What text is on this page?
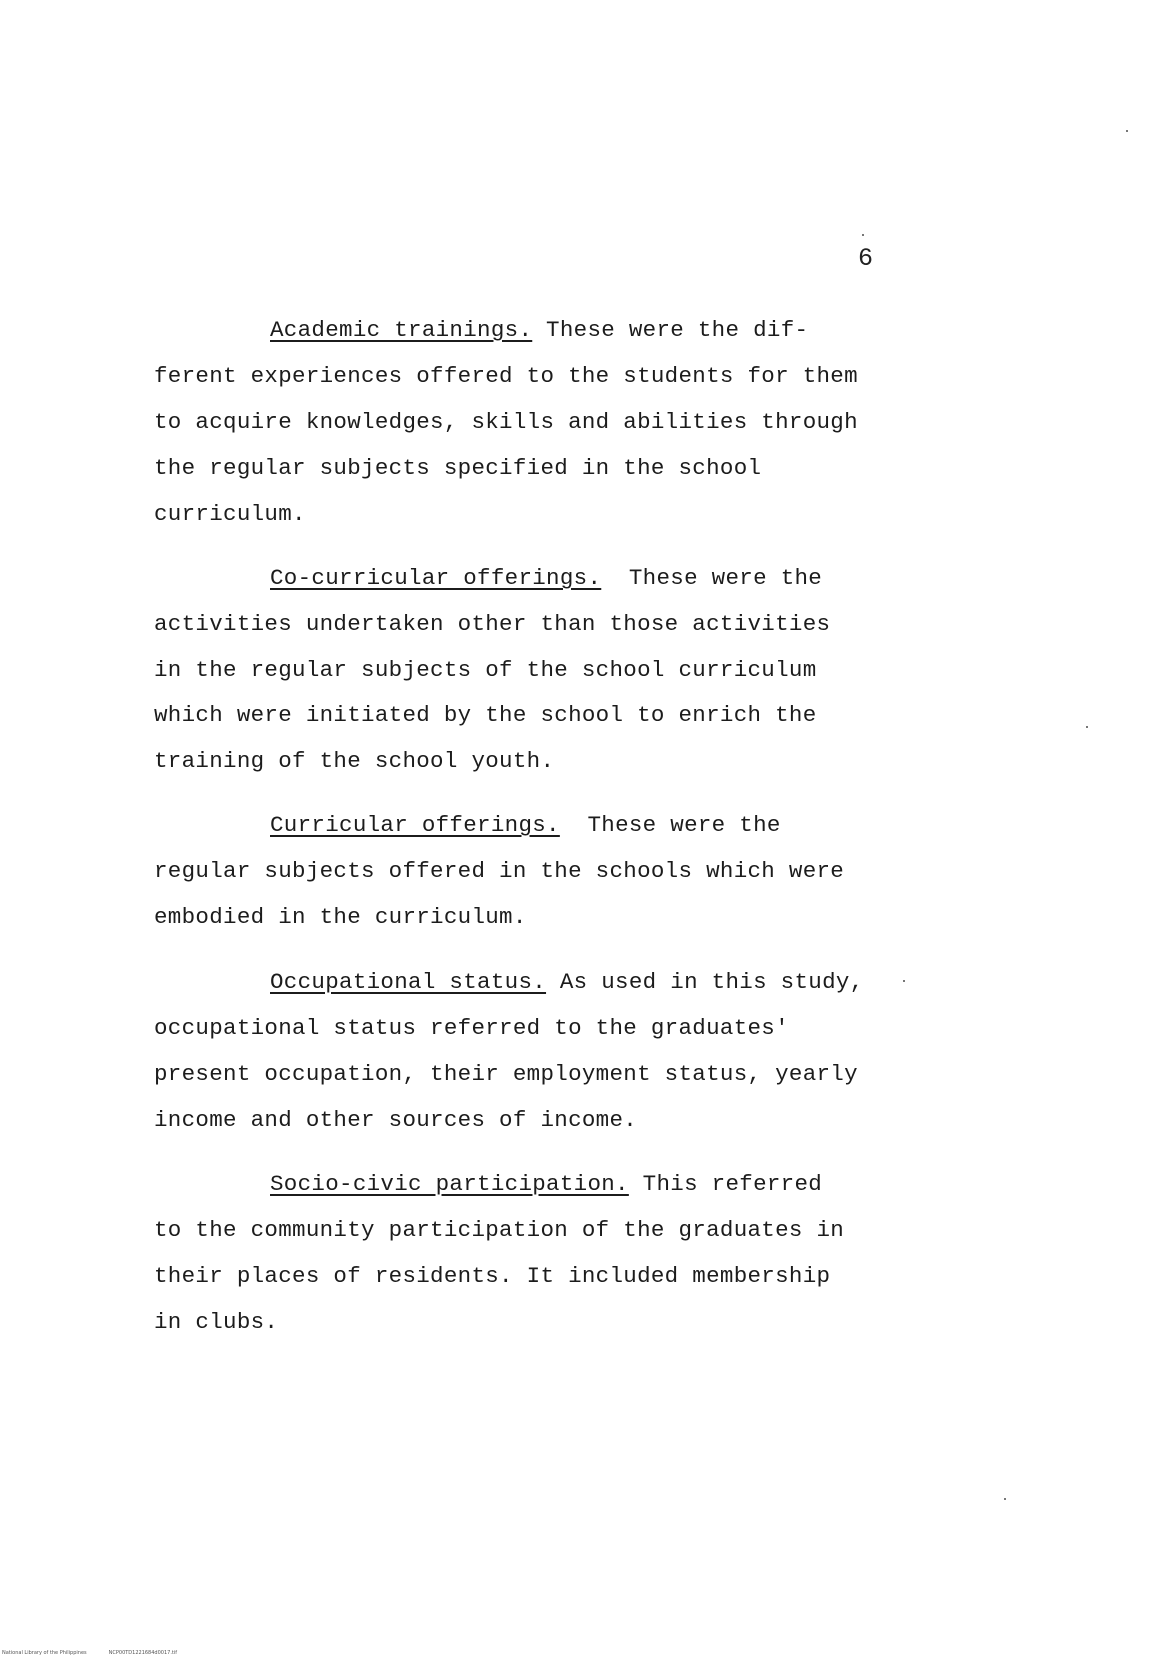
6
Academic trainings. These were the dif-
ferent experiences offered to the students for them
to acquire knowledges, skills and abilities through
the regular subjects specified in the school
curriculum.
Co-curricular offerings.  These were the
activities undertaken other than those activities
in the regular subjects of the school curriculum
which were initiated by the school to enrich the
training of the school youth.
Curricular offerings.  These were the
regular subjects offered in the schools which were
embodied in the curriculum.
Occupational status. As used in this study,
occupational status referred to the graduates'
present occupation, their employment status, yearly
income and other sources of income.
Socio-civic participation. This referred
to the community participation of the graduates in
their places of residents. It included membership
in clubs.
National Library of the Philippines	NCP00TD1221684d0017.tif
